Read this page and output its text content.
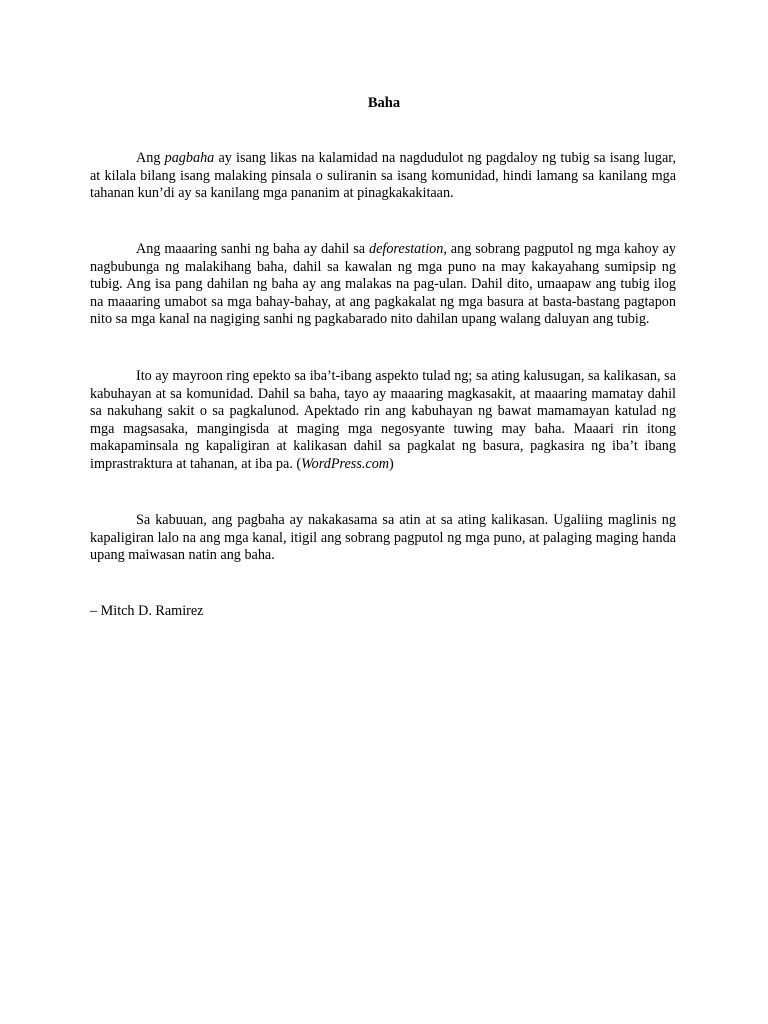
Baha

Ang pagbaha ay isang likas na kalamidad na nagdudulot ng pagdaloy ng tubig sa isang lugar, at kilala bilang isang malaking pinsala o suliranin sa isang komunidad, hindi lamang sa kanilang mga tahanan kun’di ay sa kanilang mga pananim at pinagkakakitaan.

Ang maaaring sanhi ng baha ay dahil sa deforestation, ang sobrang pagputol ng mga kahoy ay nagbubunga ng malakihang baha, dahil sa kawalan ng mga puno na may kakayahang sumipsip ng tubig. Ang isa pang dahilan ng baha ay ang malakas na pag-ulan. Dahil dito, umaapaw ang tubig ilog na maaaring umabot sa mga bahay-bahay, at ang pagkakalat ng mga basura at basta-bastang pagtapon nito sa mga kanal na nagiging sanhi ng pagkabarado nito dahilan upang walang daluyan ang tubig.

Ito ay mayroon ring epekto sa iba’t-ibang aspekto tulad ng; sa ating kalusugan, sa kalikasan, sa kabuhayan at sa komunidad. Dahil sa baha, tayo ay maaaring magkasakit, at maaaring mamatay dahil sa nakuhang sakit o sa pagkalunod. Apektado rin ang kabuhayan ng bawat mamamayan katulad ng mga magsasaka, mangingisda at maging mga negosyante tuwing may baha. Maaari rin itong makapaminsala ng kapaligiran at kalikasan dahil sa pagkalat ng basura, pagkasira ng iba’t ibang imprastraktura at tahanan, at iba pa. (WordPress.com)

Sa kabuuan, ang pagbaha ay nakakasama sa atin at sa ating kalikasan. Ugaliing maglinis ng kapaligiran lalo na ang mga kanal, itigil ang sobrang pagputol ng mga puno, at palaging maging handa upang maiwasan natin ang baha.

– Mitch D. Ramirez
